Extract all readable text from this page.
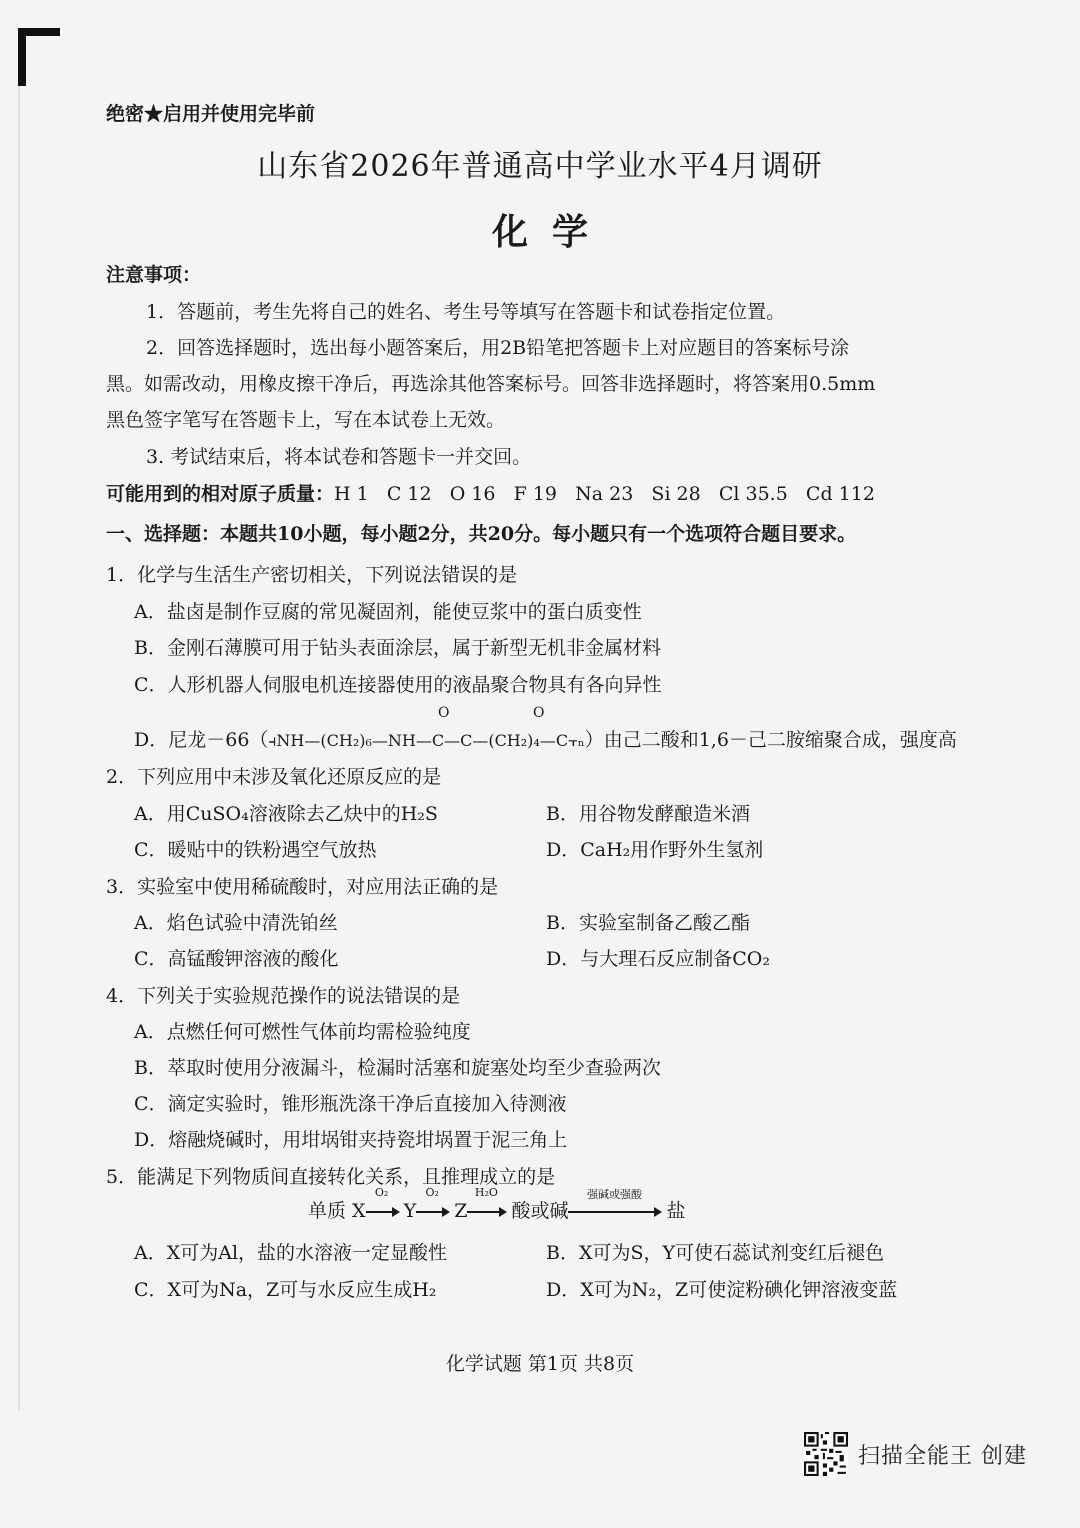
绝密★启用并使用完毕前
山东省2026年普通高中学业水平4月调研
化学
注意事项：
1．答题前，考生先将自己的姓名、考生号等填写在答题卡和试卷指定位置。
2．回答选择题时，选出每小题答案后，用2B铅笔把答题卡上对应题目的答案标号涂
黑。如需改动，用橡皮擦干净后，再选涂其他答案标号。回答非选择题时，将答案用0.5mm
黑色签字笔写在答题卡上，写在本试卷上无效。
3. 考试结束后，将本试卷和答题卡一并交回。
可能用到的相对原子质量：H 1   C 12   O 16   F 19   Na 23   Si 28   Cl 35.5   Cd 112
一、选择题：本题共10小题，每小题2分，共20分。每小题只有一个选项符合题目要求。
1．化学与生活生产密切相关，下列说法错误的是
A．盐卤是制作豆腐的常见凝固剂，能使豆浆中的蛋白质变性
B．金刚石薄膜可用于钻头表面涂层，属于新型无机非金属材料
C．人形机器人伺服电机连接器使用的液晶聚合物具有各向异性
D．尼龙－66（⫞NH—(CH₂)₆—NH—C—C—(CH₂)₄—C⫟ₙ）由己二酸和1,6－己二胺缩聚合成，强度高
O	O
2．下列应用中未涉及氧化还原反应的是
A．用CuSO₄溶液除去乙炔中的H₂S	B．用谷物发酵酿造米酒
C．暖贴中的铁粉遇空气放热	D．CaH₂用作野外生氢剂
3．实验室中使用稀硫酸时，对应用法正确的是
A．焰色试验中清洗铂丝	B．实验室制备乙酸乙酯
C．高锰酸钾溶液的酸化	D．与大理石反应制备CO₂
4．下列关于实验规范操作的说法错误的是
A．点燃任何可燃性气体前均需检验纯度
B．萃取时使用分液漏斗，检漏时活塞和旋塞处均至少查验两次
C．滴定实验时，锥形瓶洗涤干净后直接加入待测液
D．熔融烧碱时，用坩埚钳夹持瓷坩埚置于泥三角上
5．能满足下列物质间直接转化关系，且推理成立的是
单质 X
O₂
Y
O₂
Z
H₂O
酸或碱
强碱或强酸
盐
A．X可为Al，盐的水溶液一定显酸性	B．X可为S，Y可使石蕊试剂变红后褪色
C．X可为Na，Z可与水反应生成H₂	D．X可为N₂，Z可使淀粉碘化钾溶液变蓝
化学试题 第1页 共8页
扫描全能王 创建
